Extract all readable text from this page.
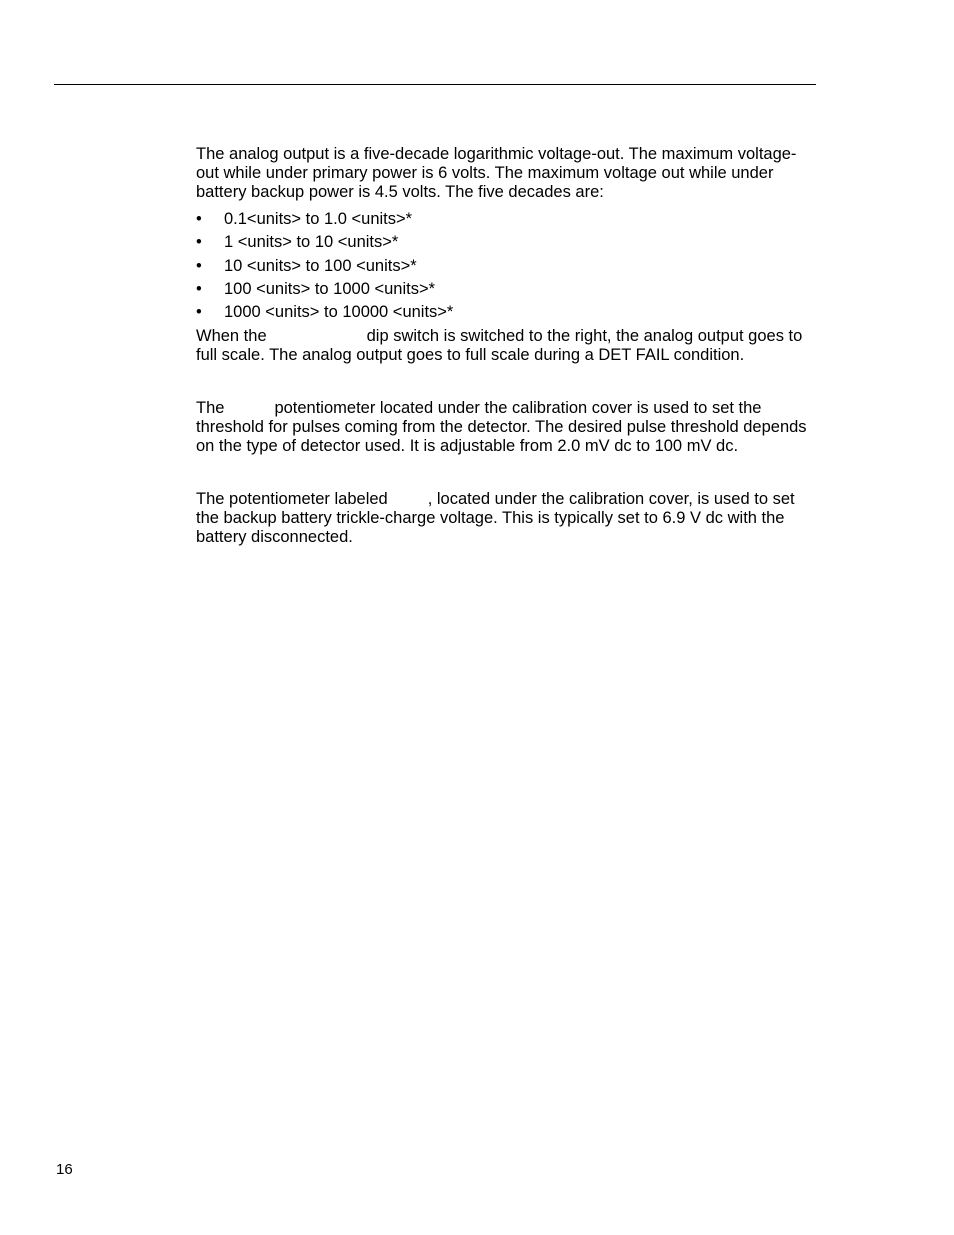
The analog output is a five-decade logarithmic voltage-out. The maximum voltage-out while under primary power is 6 volts. The maximum voltage out while under battery backup power is 4.5 volts. The five decades are:

• 0.1<units> to 1.0 <units>*
• 1 <units> to 10 <units>*
• 10 <units> to 100 <units>*
• 100 <units> to 1000 <units>*
• 1000 <units> to 10000 <units>*

When the	dip switch is switched to the right, the analog output goes to full scale. The analog output goes to full scale during a DET FAIL condition.

The	potentiometer located under the calibration cover is used to set the threshold for pulses coming from the detector. The desired pulse threshold depends on the type of detector used. It is adjustable from 2.0 mV dc to 100 mV dc.

The potentiometer labeled , located under the calibration cover, is used to set the backup battery trickle-charge voltage. This is typically set to 6.9 V dc with the battery disconnected.

16
